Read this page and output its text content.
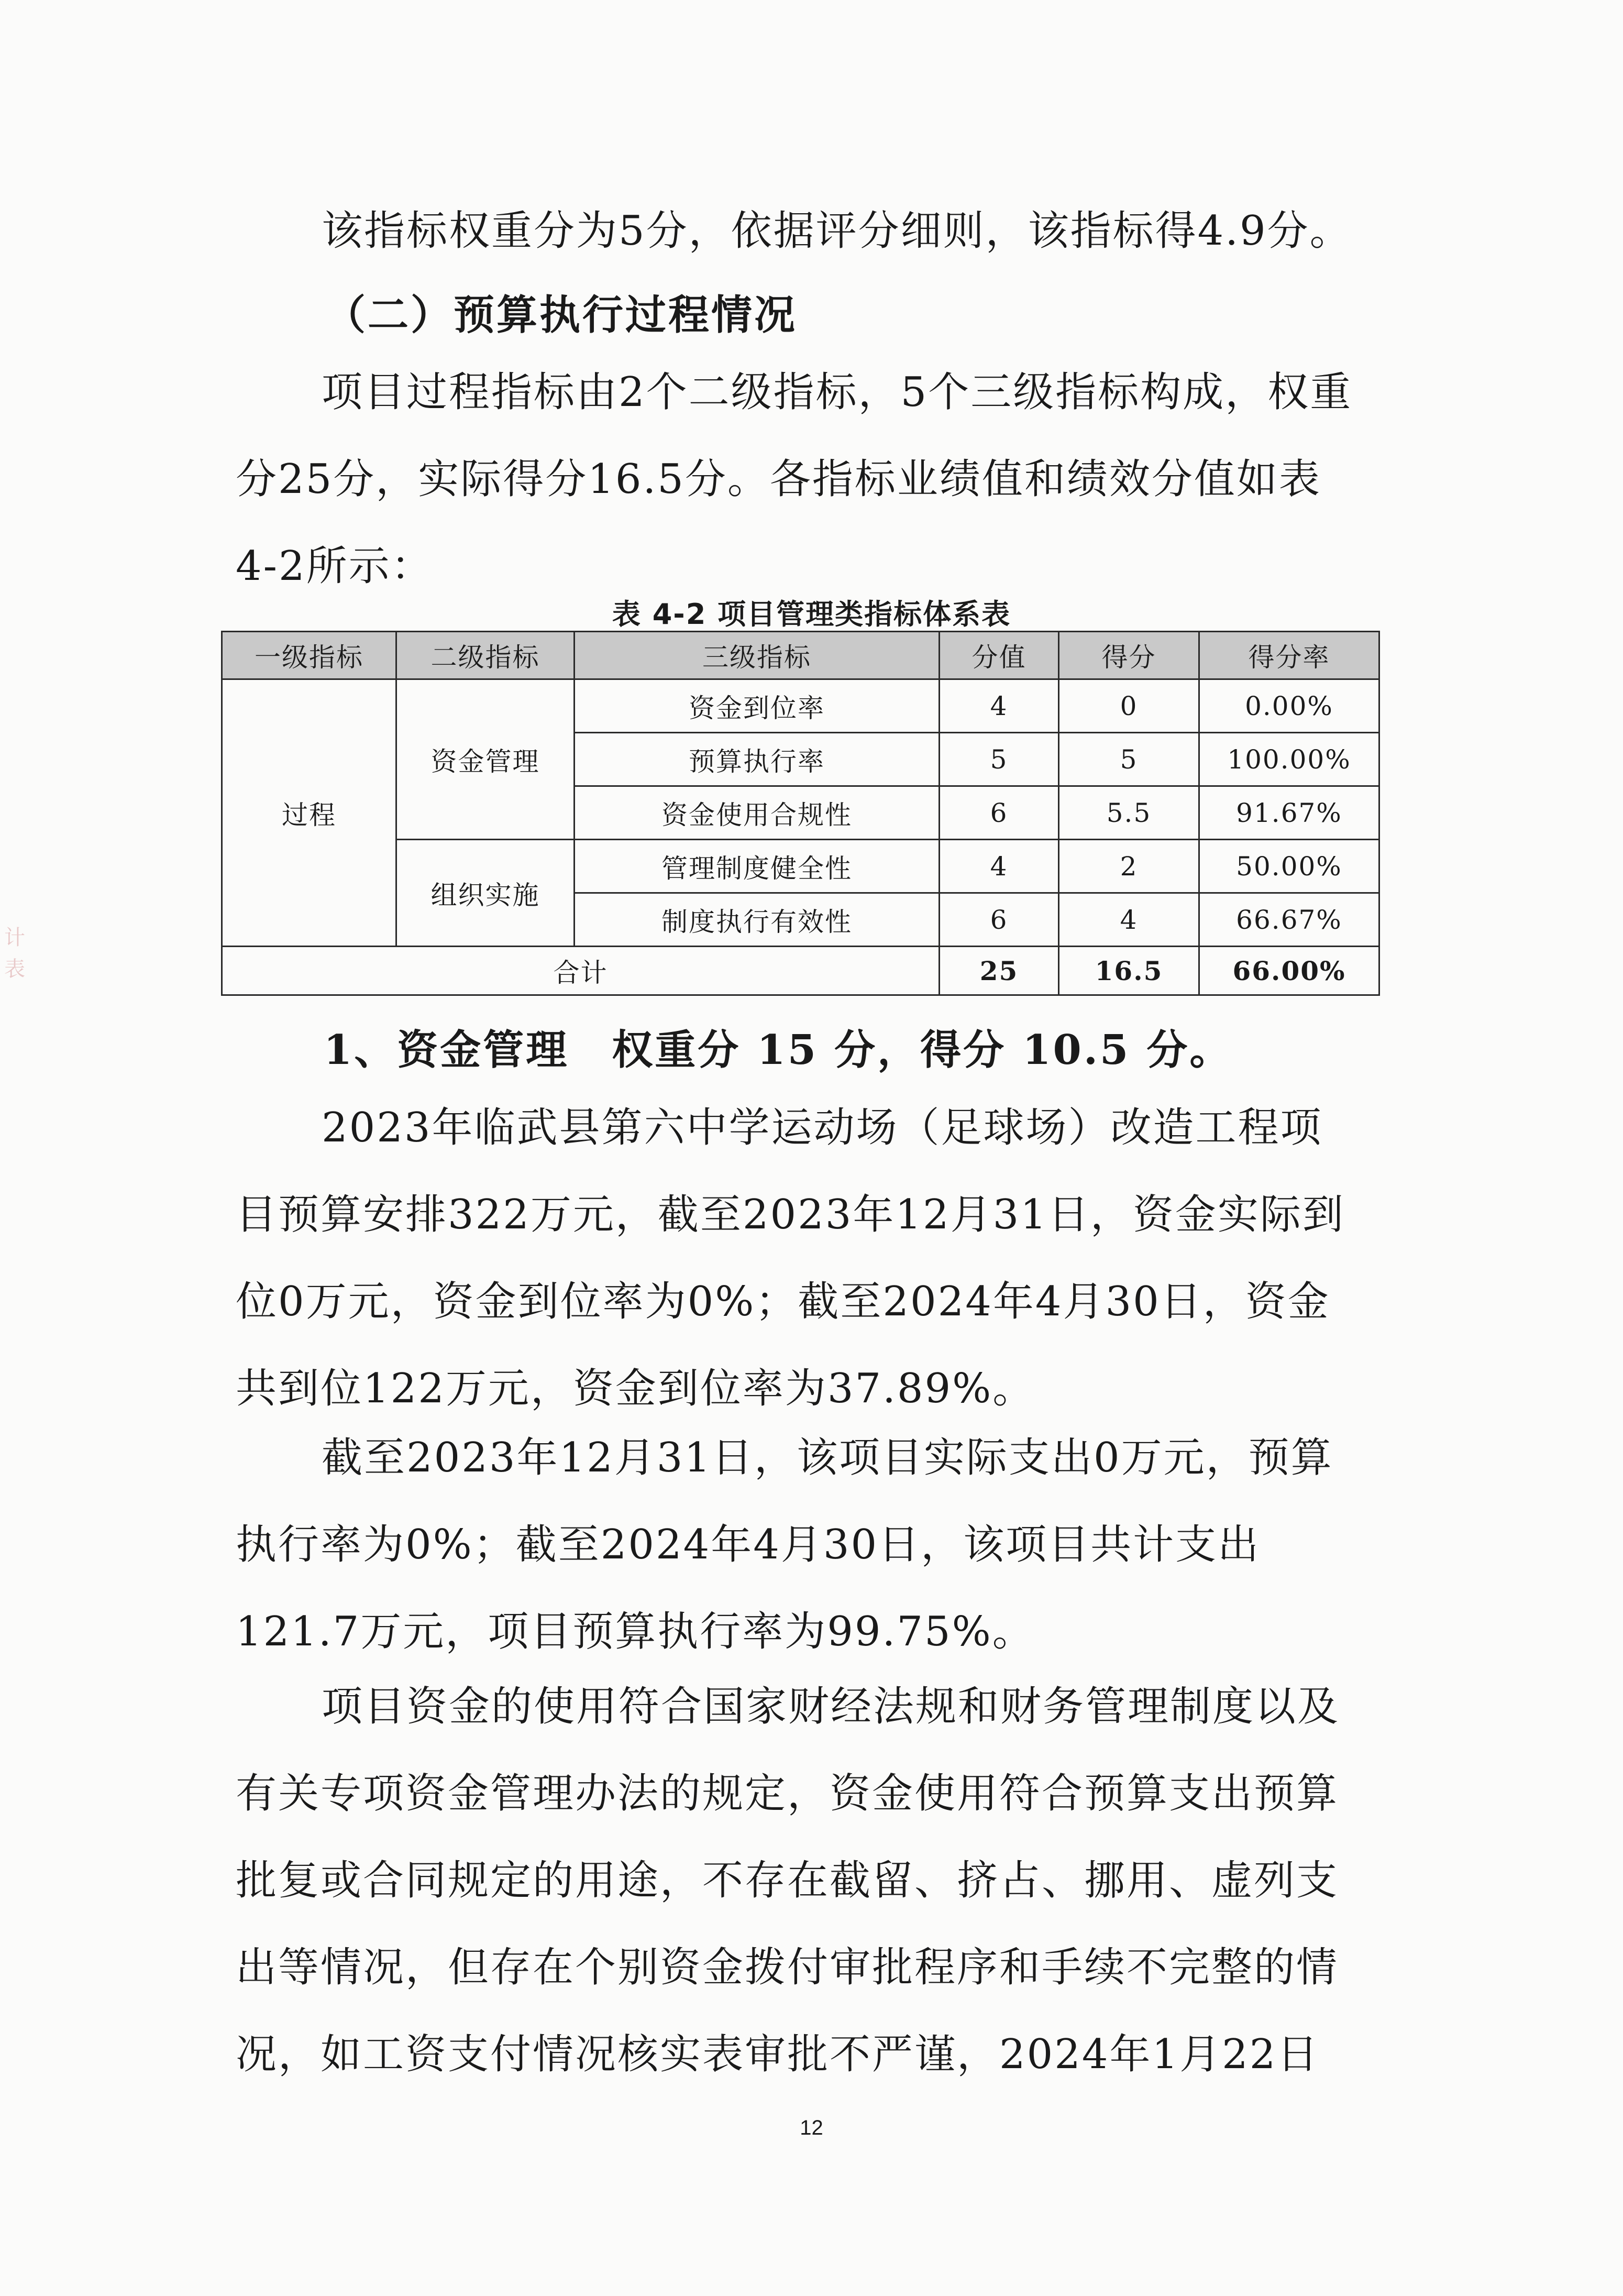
计表

该指标权重分为5分，依据评分细则，该指标得4.9分。

（二）预算执行过程情况

项目过程指标由2个二级指标，5个三级指标构成，权重分25分，实际得分16.5分。各指标业绩值和绩效分值如表4-2所示：

表 4-2 项目管理类指标体系表

一级指标	二级指标	三级指标	分值	得分	得分率
过程	资金管理	资金到位率	4	0	0.00%
		预算执行率	5	5	100.00%
		资金使用合规性	6	5.5	91.67%
	组织实施	管理制度健全性	4	2	50.00%
		制度执行有效性	6	4	66.67%
合计			25	16.5	66.00%

1、资金管理　权重分 15 分，得分 10.5 分。

2023年临武县第六中学运动场（足球场）改造工程项目预算安排322万元，截至2023年12月31日，资金实际到位0万元，资金到位率为0%；截至2024年4月30日，资金共到位122万元，资金到位率为37.89%。

截至2023年12月31日，该项目实际支出0万元，预算执行率为0%；截至2024年4月30日，该项目共计支出121.7万元，项目预算执行率为99.75%。

项目资金的使用符合国家财经法规和财务管理制度以及有关专项资金管理办法的规定，资金使用符合预算支出预算批复或合同规定的用途，不存在截留、挤占、挪用、虚列支出等情况，但存在个别资金拨付审批程序和手续不完整的情况，如工资支付情况核实表审批不严谨，2024年1月22日

12
